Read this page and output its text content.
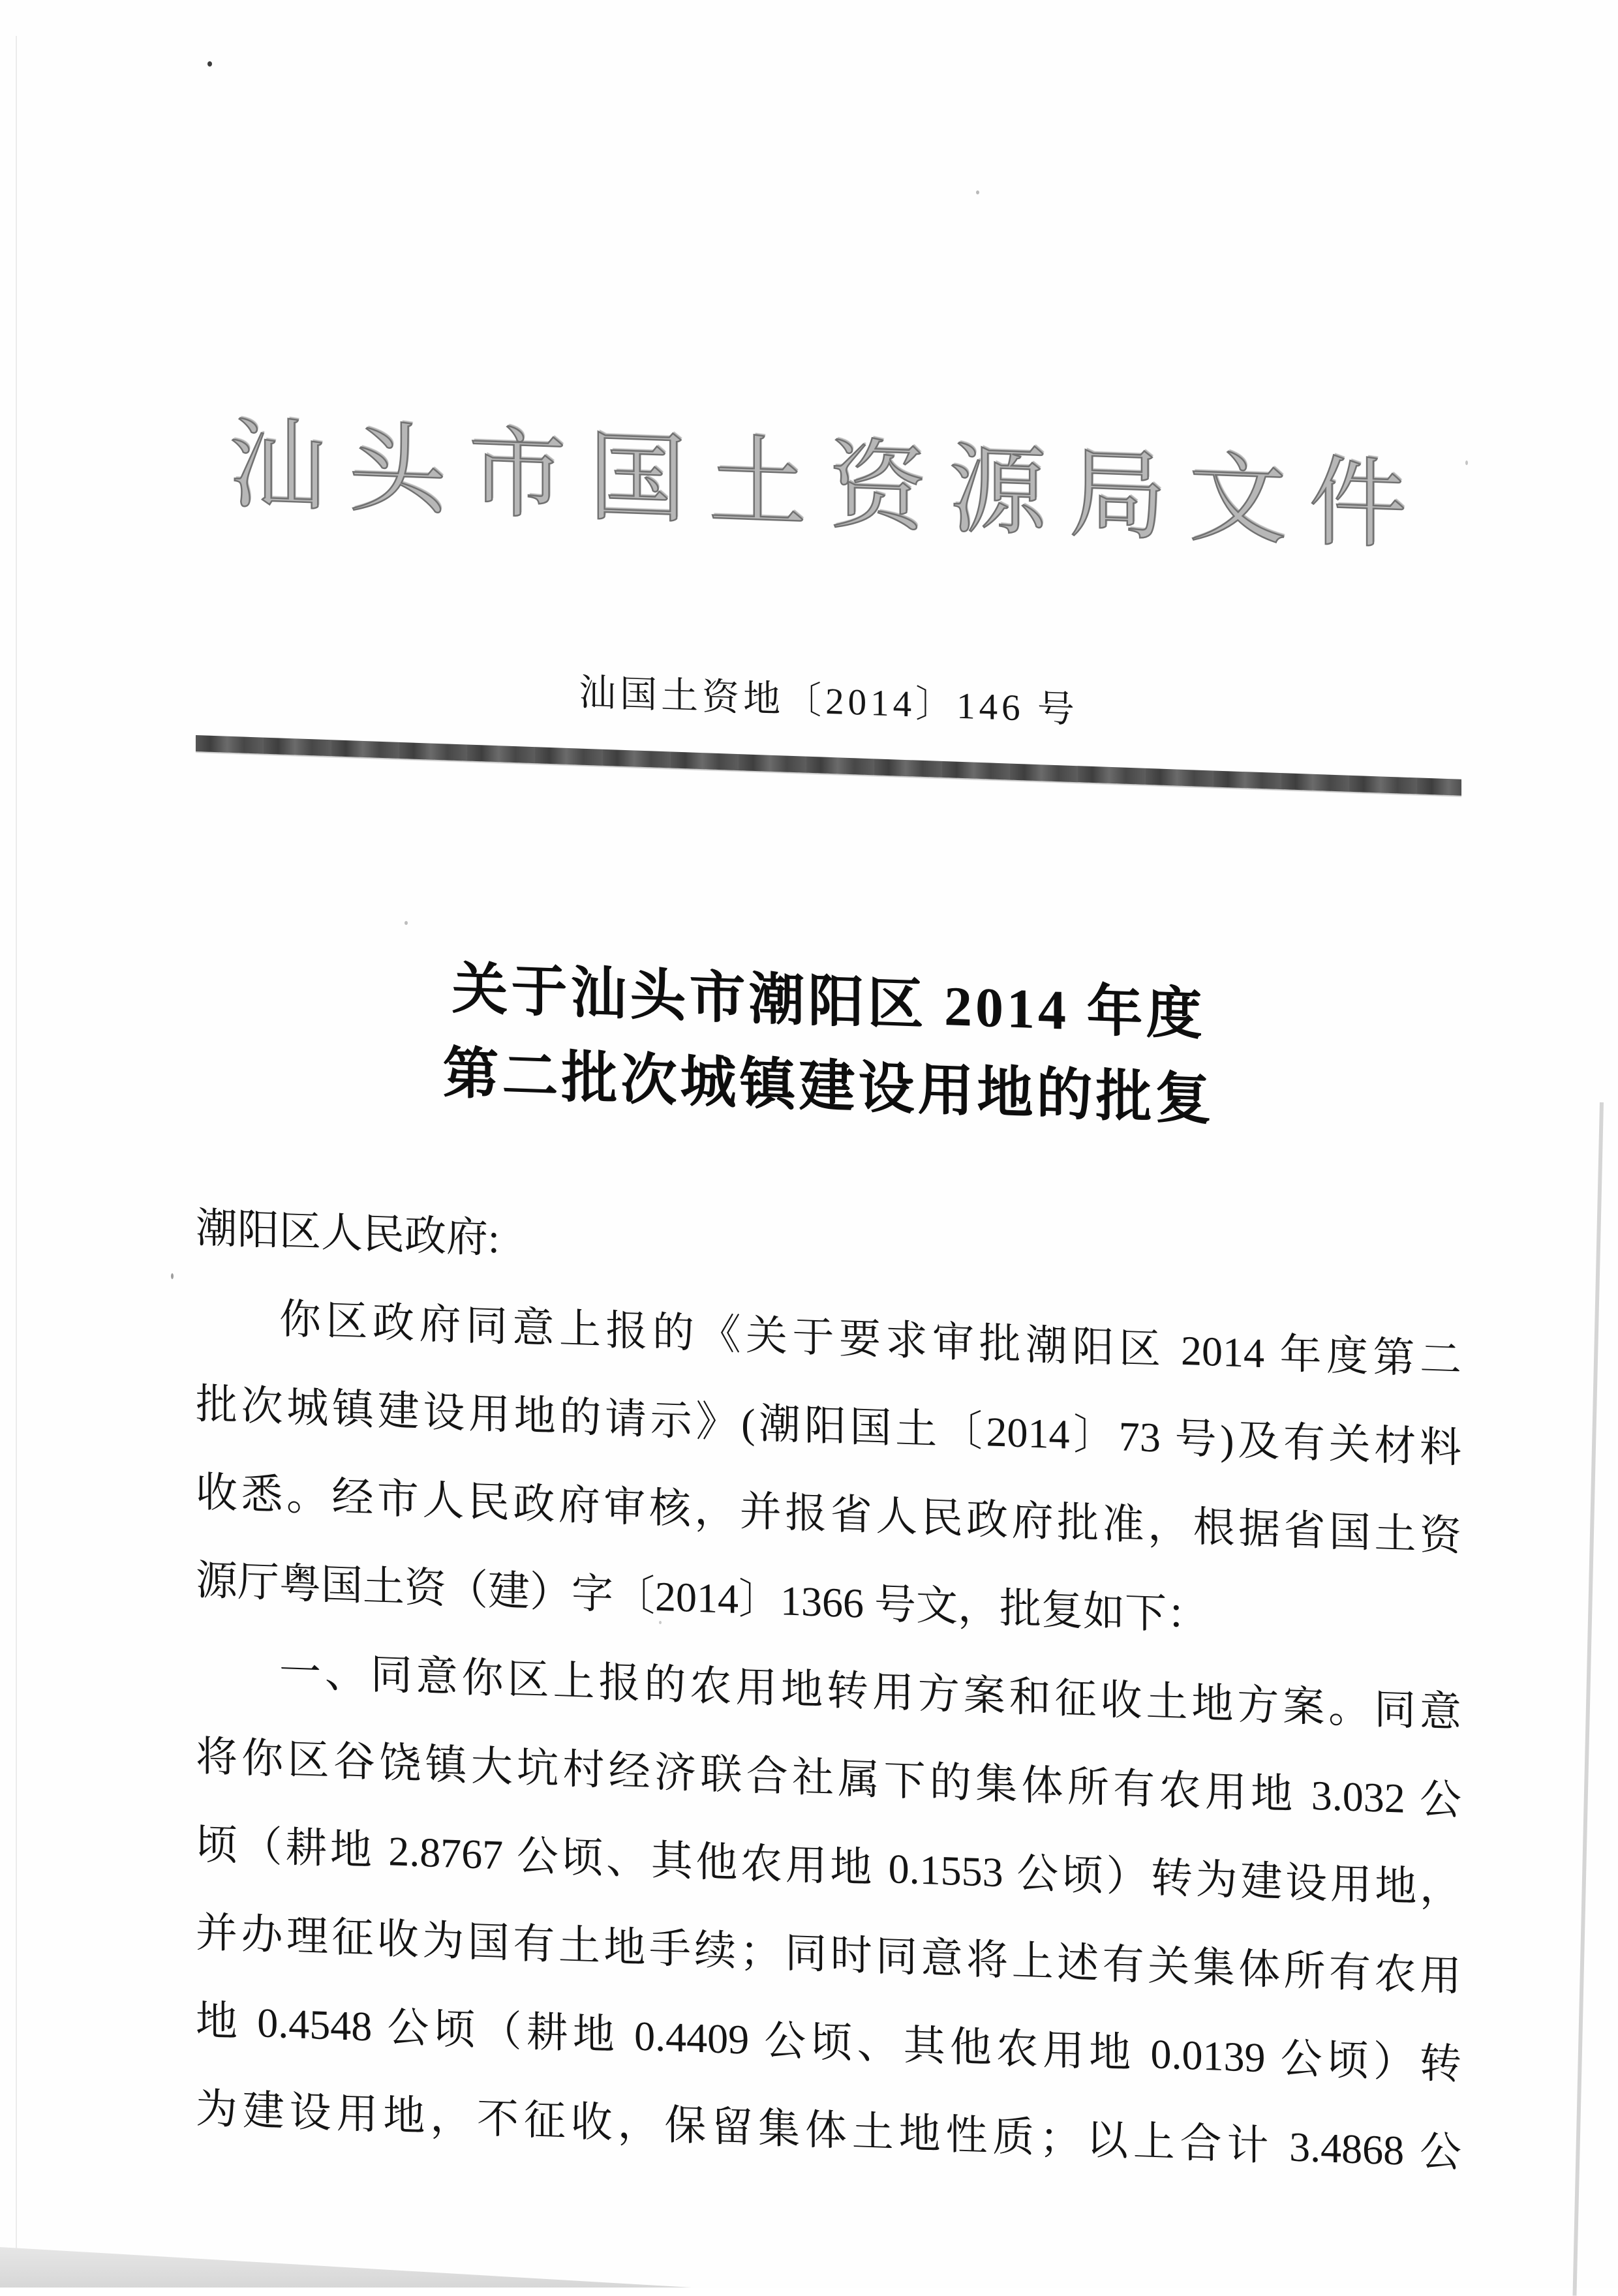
汕头市国土资源局文件
汕国土资地〔2014〕146 号
关于汕头市潮阳区 2014 年度
第二批次城镇建设用地的批复
潮阳区人民政府:
你区政府同意上报的《关于要求审批潮阳区 2014 年度第二
批次城镇建设用地的请示》(潮阳国土〔2014〕73 号)及有关材料
收悉。经市人民政府审核，并报省人民政府批准，根据省国土资
源厅粤国土资（建）字〔2014〕1366 号文，批复如下：
一、同意你区上报的农用地转用方案和征收土地方案。同意
将你区谷饶镇大坑村经济联合社属下的集体所有农用地 3.032 公
顷（耕地 2.8767 公顷、其他农用地 0.1553 公顷）转为建设用地，
并办理征收为国有土地手续；同时同意将上述有关集体所有农用
地 0.4548 公顷（耕地 0.4409 公顷、其他农用地 0.0139 公顷）转
为建设用地，不征收，保留集体土地性质；以上合计 3.4868 公
